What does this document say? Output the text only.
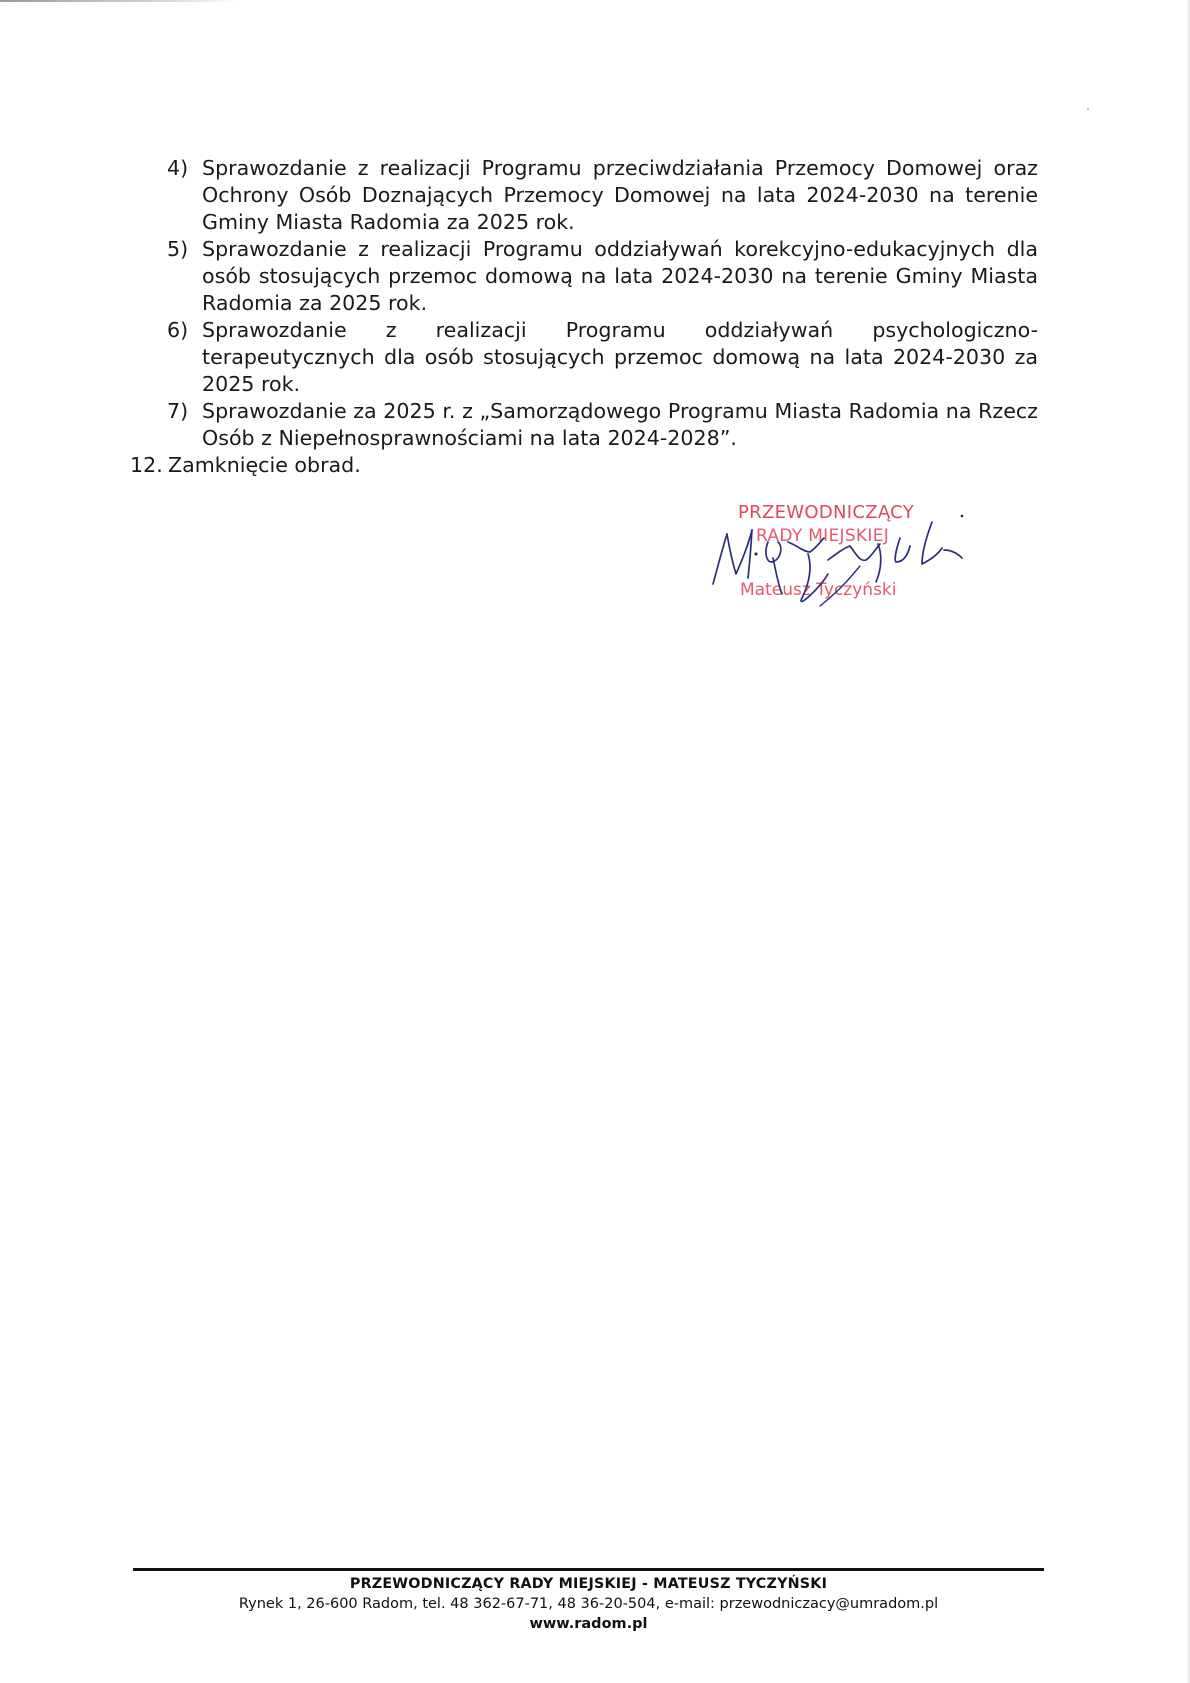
4) Sprawozdanie z realizacji Programu przeciwdziałania Przemocy Domowej oraz Ochrony Osób Doznających Przemocy Domowej na lata 2024-2030 na terenie Gminy Miasta Radomia za 2025 rok.
5) Sprawozdanie z realizacji Programu oddziaływań korekcyjno-edukacyjnych dla osób stosujących przemoc domową na lata 2024-2030 na terenie Gminy Miasta Radomia za 2025 rok.
6) Sprawozdanie z realizacji Programu oddziaływań psychologiczno-terapeutycznych dla osób stosujących przemoc domową na lata 2024-2030 za 2025 rok.
7) Sprawozdanie za 2025 r. z „Samorządowego Programu Miasta Radomia na Rzecz Osób z Niepełnosprawnościami na lata 2024-2028”.
12. Zamknięcie obrad.
PRZEWODNICZĄCY
RADY MIEJSKIEJ
Mateusz Tyczyński
PRZEWODNICZĄCY RADY MIEJSKIEJ - MATEUSZ TYCZYŃSKI
Rynek 1, 26-600 Radom, tel. 48 362-67-71, 48 36-20-504, e-mail: przewodniczacy@umradom.pl
www.radom.pl
